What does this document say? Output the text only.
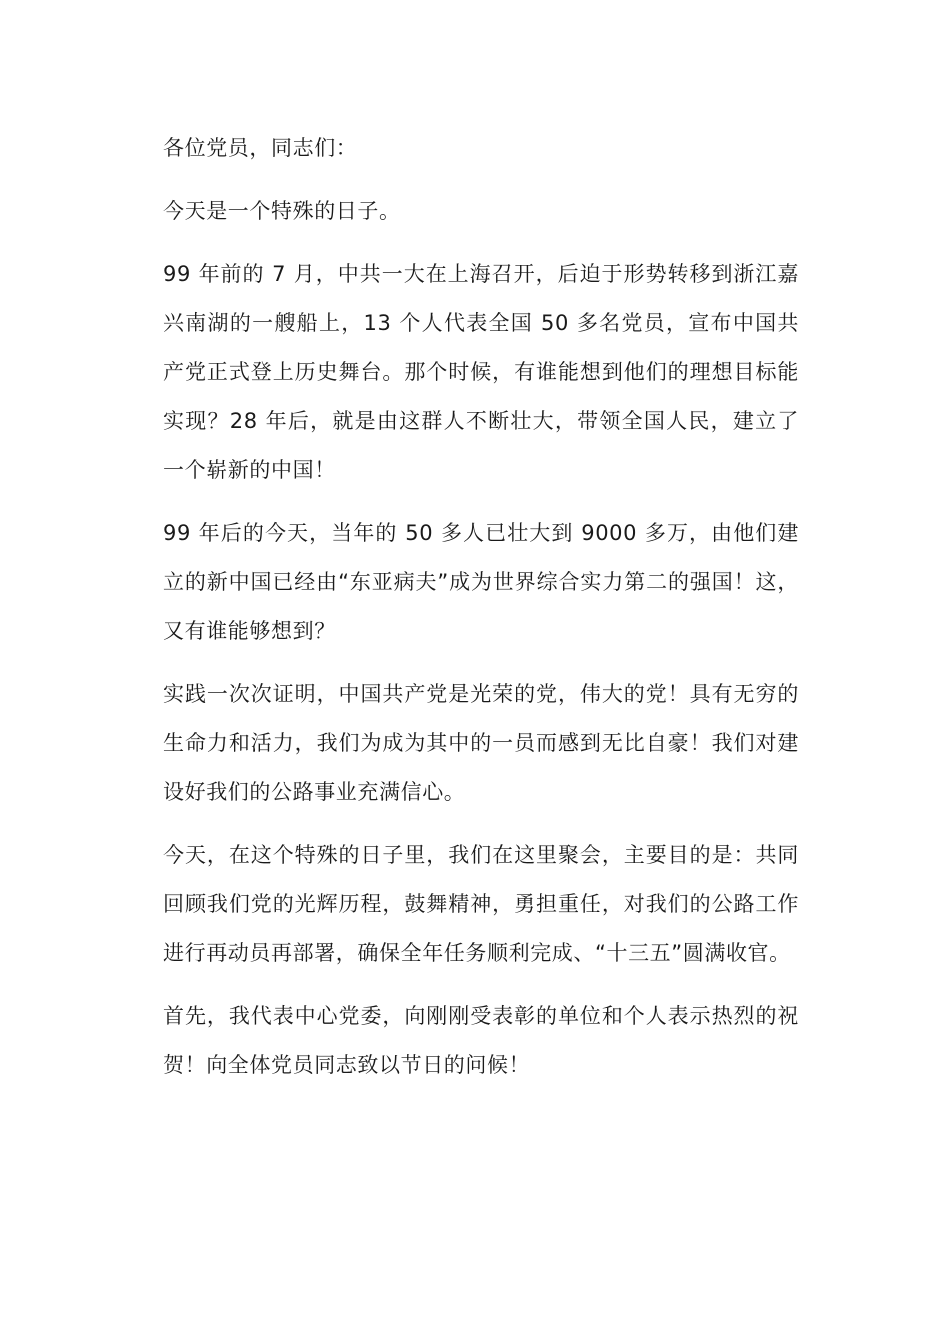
各位党员，同志们：

今天是一个特殊的日子。

99 年前的 7 月，中共一大在上海召开，后迫于形势转移到浙江嘉兴南湖的一艘船上，13 个人代表全国 50 多名党员，宣布中国共产党正式登上历史舞台。那个时候，有谁能想到他们的理想目标能实现？28 年后，就是由这群人不断壮大，带领全国人民，建立了一个崭新的中国！

99 年后的今天，当年的 50 多人已壮大到 9000 多万，由他们建立的新中国已经由“东亚病夫”成为世界综合实力第二的强国！这，又有谁能够想到？

实践一次次证明，中国共产党是光荣的党，伟大的党！具有无穷的生命力和活力，我们为成为其中的一员而感到无比自豪！我们对建设好我们的公路事业充满信心。

今天，在这个特殊的日子里，我们在这里聚会，主要目的是：共同回顾我们党的光辉历程，鼓舞精神，勇担重任，对我们的公路工作进行再动员再部署，确保全年任务顺利完成、“十三五”圆满收官。

首先，我代表中心党委，向刚刚受表彰的单位和个人表示热烈的祝贺！向全体党员同志致以节日的问候！
